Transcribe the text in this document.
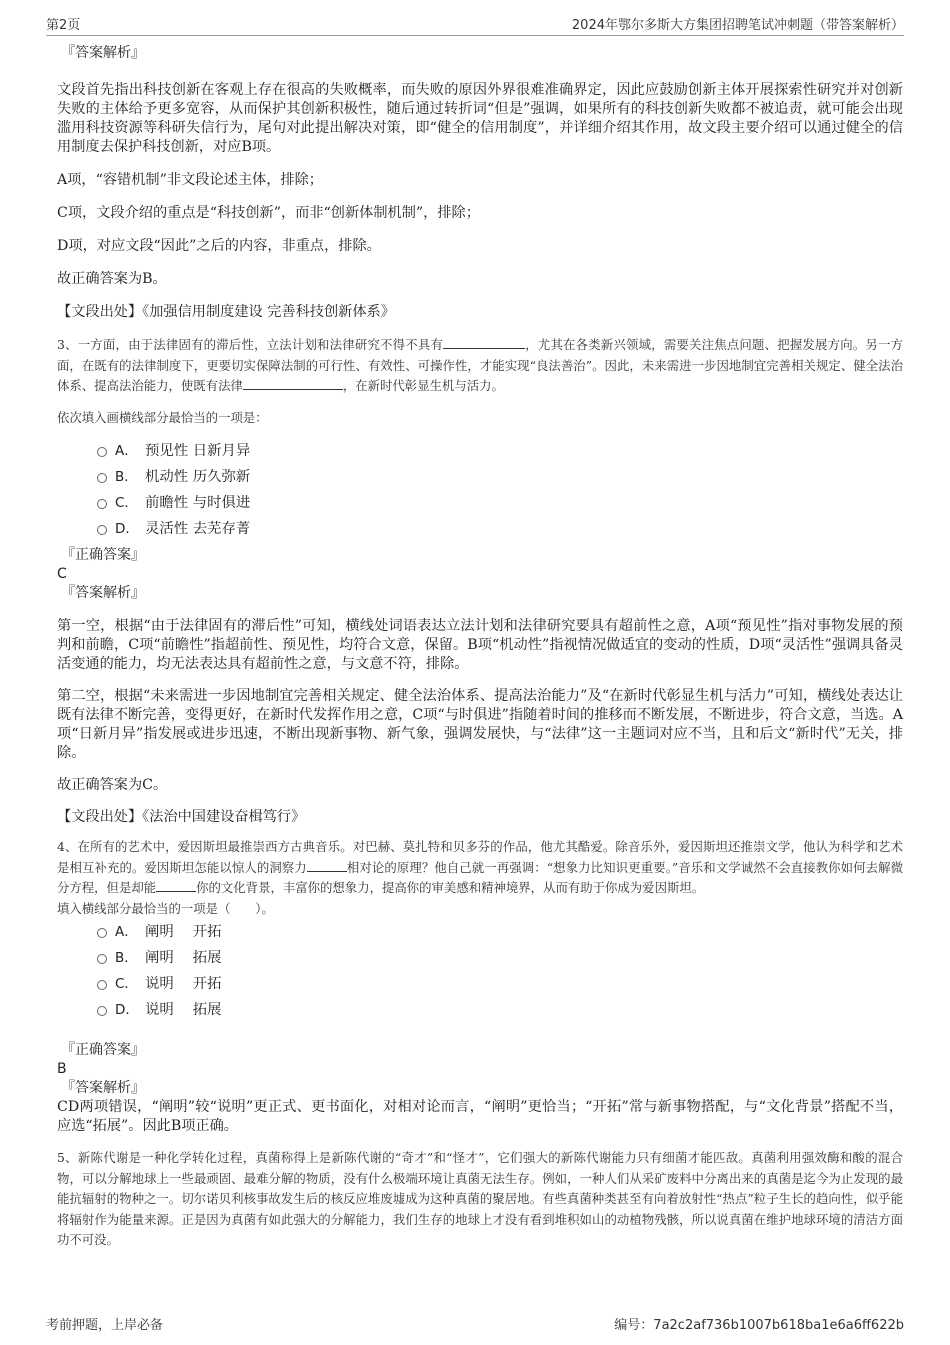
第2页	2024年鄂尔多斯大方集团招聘笔试冲刺题（带答案解析）
『答案解析』
文段首先指出科技创新在客观上存在很高的失败概率，而失败的原因外界很难准确界定，因此应鼓励创新主体开展探索性研究并对创新失败的主体给予更多宽容，从而保护其创新积极性，随后通过转折词“但是”强调，如果所有的科技创新失败都不被追责，就可能会出现滥用科技资源等科研失信行为，尾句对此提出解决对策，即“健全的信用制度”，并详细介绍其作用，故文段主要介绍可以通过健全的信用制度去保护科技创新，对应B项。
A项，“容错机制”非文段论述主体，排除；
C项，文段介绍的重点是“科技创新”，而非“创新体制机制”，排除；
D项，对应文段“因此”之后的内容，非重点，排除。
故正确答案为B。
【文段出处】《加强信用制度建设 完善科技创新体系》
3、一方面，由于法律固有的滞后性，立法计划和法律研究不得不具有	，尤其在各类新兴领域，需要关注焦点问题、把握发展方向。另一方面，在既有的法律制度下，更要切实保障法制的可行性、有效性、可操作性，才能实现“良法善治”。因此，未来需进一步因地制宜完善相关规定、健全法治体系、提高法治能力，使既有法律	，在新时代彰显生机与活力。
依次填入画横线部分最恰当的一项是：
A． 预见性 日新月异
B． 机动性 历久弥新
C． 前瞻性 与时俱进
D． 灵活性 去芜存菁
『正确答案』
C
『答案解析』
第一空，根据“由于法律固有的滞后性”可知，横线处词语表达立法计划和法律研究要具有超前性之意，A项“预见性”指对事物发展的预判和前瞻，C项“前瞻性”指超前性、预见性，均符合文意，保留。B项“机动性”指视情况做适宜的变动的性质，D项“灵活性”强调具备灵活变通的能力，均无法表达具有超前性之意，与文意不符，排除。
第二空，根据“未来需进一步因地制宜完善相关规定、健全法治体系、提高法治能力”及“在新时代彰显生机与活力”可知，横线处表达让既有法律不断完善，变得更好，在新时代发挥作用之意，C项“与时俱进”指随着时间的推移而不断发展，不断进步，符合文意，当选。A项“日新月异”指发展或进步迅速，不断出现新事物、新气象，强调发展快，与“法律”这一主题词对应不当，且和后文“新时代”无关，排除。
故正确答案为C。
【文段出处】《法治中国建设奋楫笃行》
4、在所有的艺术中，爱因斯坦最推崇西方古典音乐。对巴赫、莫扎特和贝多芬的作品，他尤其酷爱。除音乐外，爱因斯坦还推崇文学，他认为科学和艺术是相互补充的。爱因斯坦怎能以惊人的洞察力	相对论的原理？他自己就一再强调：“想象力比知识更重要。”音乐和文学诚然不会直接教你如何去解微分方程，但是却能	你的文化背景，丰富你的想象力，提高你的审美感和精神境界，从而有助于你成为爱因斯坦。
填入横线部分最恰当的一项是（　　）。
A． 阐明　 开拓
B． 阐明　 拓展
C． 说明　 开拓
D． 说明　 拓展
『正确答案』
B
『答案解析』
CD两项错误，“阐明”较“说明”更正式、更书面化，对相对论而言，“阐明”更恰当；“开拓”常与新事物搭配，与“文化背景”搭配不当，应选“拓展”。因此B项正确。
5、新陈代谢是一种化学转化过程，真菌称得上是新陈代谢的“奇才”和“怪才”，它们强大的新陈代谢能力只有细菌才能匹敌。真菌利用强效酶和酸的混合物，可以分解地球上一些最顽固、最难分解的物质，没有什么极端环境让真菌无法生存。例如，一种人们从采矿废料中分离出来的真菌是迄今为止发现的最能抗辐射的物种之一。切尔诺贝利核事故发生后的核反应堆废墟成为这种真菌的聚居地。有些真菌种类甚至有向着放射性“热点”粒子生长的趋向性，似乎能将辐射作为能量来源。正是因为真菌有如此强大的分解能力，我们生存的地球上才没有看到堆积如山的动植物残骸，所以说真菌在维护地球环境的清洁方面功不可没。
考前押题，上岸必备	编号：7a2c2af736b1007b618ba1e6a6ff622b
